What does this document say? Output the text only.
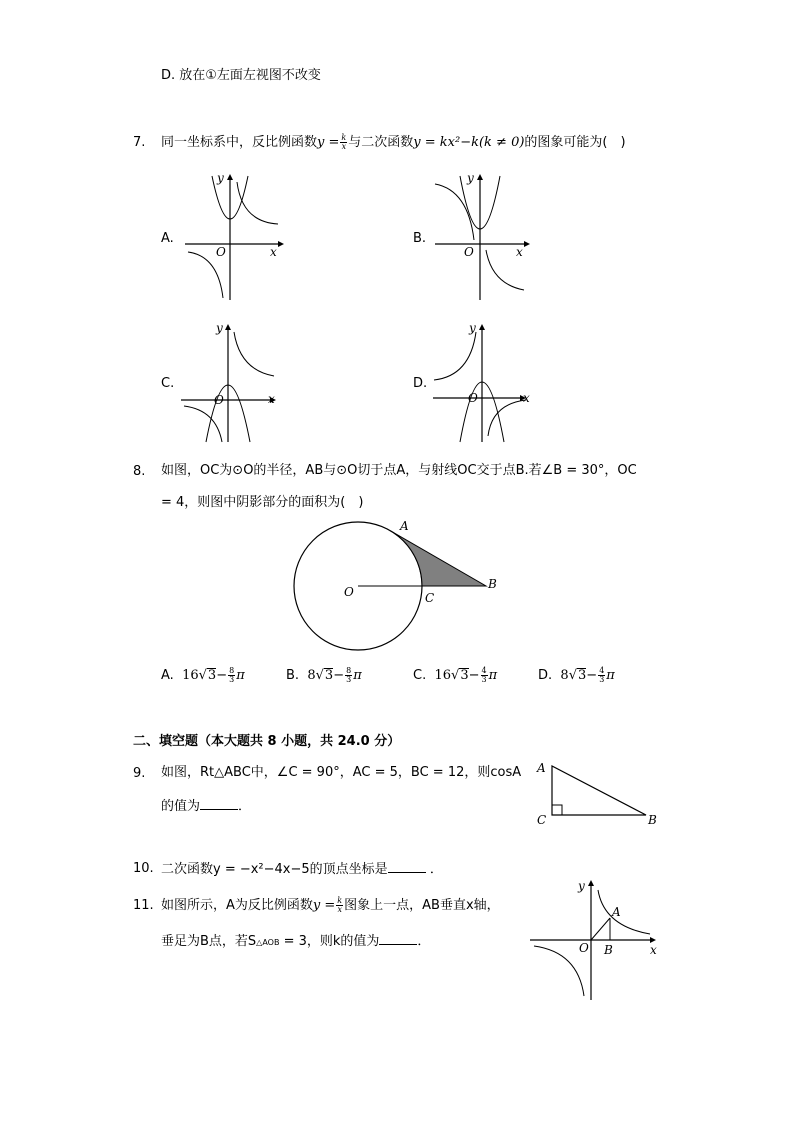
D. 放在①左面左视图不改变
7. 同一坐标系中，反比例函数 $y = \frac{k}{x}$ 与二次函数 y = kx²−k(k ≠ 0) 的图象可能为(　)
A.
x
y
O
B.
x
y
O
C.
x
y
O
D.
x
y
O
8. 如图，OC为⊙O的半径，AB与⊙O切于点A，与射线OC交于点B.若∠B = 30°，OC
= 4，则图中阴影部分的面积为(　)
A
B
C
O
A.
16 √ $3 - \frac{8}{3}$ π	B.
8 √ $3 - \frac{8}{3}$ π	C.
16 √ $3 - \frac{4}{3}$ π	D.
8 √ $3 - \frac{4}{3}$ π
二、填空题（本大题共 8 小题，共 24.0 分）
9. 如图，Rt△ABC中，∠C = 90°，AC = 5，BC = 12，则cosA
的值为	．
A
C	B
10. 二次函数y = −x²−4x−5的顶点坐标是	．
11. 如图所示，A为反比例函数 $y = \frac{k}{x}$ 图象上一点，AB垂直x轴，
垂足为B点，若S△AOB = 3，则k的值为	．
x
y
O
A
B
